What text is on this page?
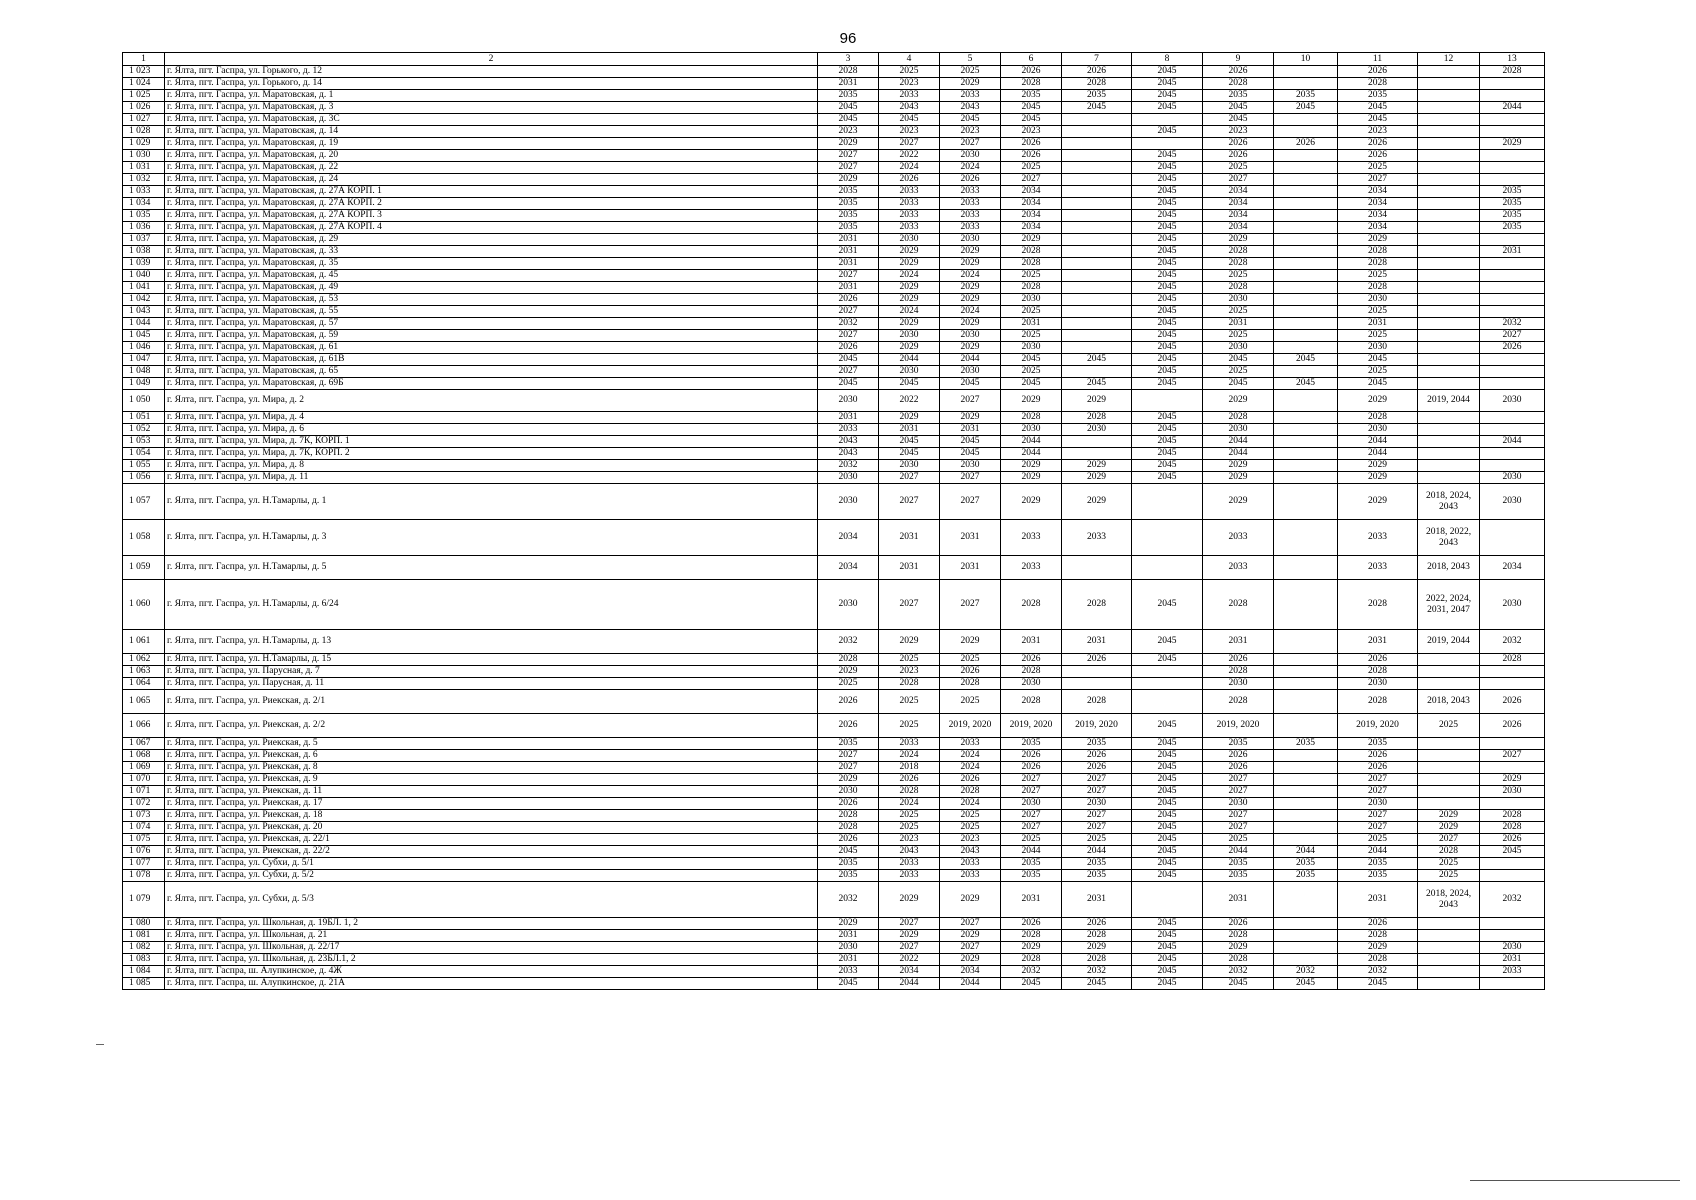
96
1	2	3	4	5	6	7	8	9	10	11	12	13
1 023	г. Ялта, пгт. Гаспра, ул. Горького, д. 12	2028	2025	2025	2026	2026	2045	2026		2026		2028
1 024	г. Ялта, пгт. Гаспра, ул. Горького, д. 14	2031	2023	2029	2028	2028	2045	2028		2028		
1 025	г. Ялта, пгт. Гаспра, ул. Маратовская, д. 1	2035	2033	2033	2035	2035	2045	2035	2035	2035		
1 026	г. Ялта, пгт. Гаспра, ул. Маратовская, д. 3	2045	2043	2043	2045	2045	2045	2045	2045	2045		2044
1 027	г. Ялта, пгт. Гаспра, ул. Маратовская, д. 3С	2045	2045	2045	2045			2045		2045		
1 028	г. Ялта, пгт. Гаспра, ул. Маратовская, д. 14	2023	2023	2023	2023		2045	2023		2023		
1 029	г. Ялта, пгт. Гаспра, ул. Маратовская, д. 19	2029	2027	2027	2026			2026	2026	2026		2029
1 030	г. Ялта, пгт. Гаспра, ул. Маратовская, д. 20	2027	2022	2030	2026		2045	2026		2026		
1 031	г. Ялта, пгт. Гаспра, ул. Маратовская, д. 22	2027	2024	2024	2025		2045	2025		2025		
1 032	г. Ялта, пгт. Гаспра, ул. Маратовская, д. 24	2029	2026	2026	2027		2045	2027		2027		
1 033	г. Ялта, пгт. Гаспра, ул. Маратовская, д. 27А КОРП. 1	2035	2033	2033	2034		2045	2034		2034		2035
1 034	г. Ялта, пгт. Гаспра, ул. Маратовская, д. 27А КОРП. 2	2035	2033	2033	2034		2045	2034		2034		2035
1 035	г. Ялта, пгт. Гаспра, ул. Маратовская, д. 27А КОРП. 3	2035	2033	2033	2034		2045	2034		2034		2035
1 036	г. Ялта, пгт. Гаспра, ул. Маратовская, д. 27А КОРП. 4	2035	2033	2033	2034		2045	2034		2034		2035
1 037	г. Ялта, пгт. Гаспра, ул. Маратовская, д. 29	2031	2030	2030	2029		2045	2029		2029		
1 038	г. Ялта, пгт. Гаспра, ул. Маратовская, д. 33	2031	2029	2029	2028		2045	2028		2028		2031
1 039	г. Ялта, пгт. Гаспра, ул. Маратовская, д. 35	2031	2029	2029	2028		2045	2028		2028		
1 040	г. Ялта, пгт. Гаспра, ул. Маратовская, д. 45	2027	2024	2024	2025		2045	2025		2025		
1 041	г. Ялта, пгт. Гаспра, ул. Маратовская, д. 49	2031	2029	2029	2028		2045	2028		2028		
1 042	г. Ялта, пгт. Гаспра, ул. Маратовская, д. 53	2026	2029	2029	2030		2045	2030		2030		
1 043	г. Ялта, пгт. Гаспра, ул. Маратовская, д. 55	2027	2024	2024	2025		2045	2025		2025		
1 044	г. Ялта, пгт. Гаспра, ул. Маратовская, д. 57	2032	2029	2029	2031		2045	2031		2031		2032
1 045	г. Ялта, пгт. Гаспра, ул. Маратовская, д. 59	2027	2030	2030	2025		2045	2025		2025		2027
1 046	г. Ялта, пгт. Гаспра, ул. Маратовская, д. 61	2026	2029	2029	2030		2045	2030		2030		2026
1 047	г. Ялта, пгт. Гаспра, ул. Маратовская, д. 61В	2045	2044	2044	2045	2045	2045	2045	2045	2045		
1 048	г. Ялта, пгт. Гаспра, ул. Маратовская, д. 65	2027	2030	2030	2025		2045	2025		2025		
1 049	г. Ялта, пгт. Гаспра, ул. Маратовская, д. 69Б	2045	2045	2045	2045	2045	2045	2045	2045	2045		
1 050	г. Ялта, пгт. Гаспра, ул. Мира, д. 2	2030	2022	2027	2029	2029		2029		2029	2019, 2044	2030
1 051	г. Ялта, пгт. Гаспра, ул. Мира, д. 4	2031	2029	2029	2028	2028	2045	2028		2028		
1 052	г. Ялта, пгт. Гаспра, ул. Мира, д. 6	2033	2031	2031	2030	2030	2045	2030		2030		
1 053	г. Ялта, пгт. Гаспра, ул. Мира, д. 7К, КОРП. 1	2043	2045	2045	2044		2045	2044		2044		2044
1 054	г. Ялта, пгт. Гаспра, ул. Мира, д. 7К, КОРП. 2	2043	2045	2045	2044		2045	2044		2044		
1 055	г. Ялта, пгт. Гаспра, ул. Мира, д. 8	2032	2030	2030	2029	2029	2045	2029		2029		
1 056	г. Ялта, пгт. Гаспра, ул. Мира, д. 11	2030	2027	2027	2029	2029	2045	2029		2029		2030
1 057	г. Ялта, пгт. Гаспра, ул. Н.Тамарлы, д. 1	2030	2027	2027	2029	2029		2029		2029	2018, 2024, 2043	2030
1 058	г. Ялта, пгт. Гаспра, ул. Н.Тамарлы, д. 3	2034	2031	2031	2033	2033		2033		2033	2018, 2022, 2043	
1 059	г. Ялта, пгт. Гаспра, ул. Н.Тамарлы, д. 5	2034	2031	2031	2033			2033		2033	2018, 2043	2034
1 060	г. Ялта, пгт. Гаспра, ул. Н.Тамарлы, д. 6/24	2030	2027	2027	2028	2028	2045	2028		2028	2022, 2024, 2031, 2047	2030
1 061	г. Ялта, пгт. Гаспра, ул. Н.Тамарлы, д. 13	2032	2029	2029	2031	2031	2045	2031		2031	2019, 2044	2032
1 062	г. Ялта, пгт. Гаспра, ул. Н.Тамарлы, д. 15	2028	2025	2025	2026	2026	2045	2026		2026		2028
1 063	г. Ялта, пгт. Гаспра, ул. Парусная, д. 7	2029	2023	2026	2028			2028		2028		
1 064	г. Ялта, пгт. Гаспра, ул. Парусная, д. 11	2025	2028	2028	2030			2030		2030		
1 065	г. Ялта, пгт. Гаспра, ул. Риекская, д. 2/1	2026	2025	2025	2028	2028		2028		2028	2018, 2043	2026
1 066	г. Ялта, пгт. Гаспра, ул. Риекская, д. 2/2	2026	2025	2019, 2020	2019, 2020	2019, 2020	2045	2019, 2020		2019, 2020	2025	2026
1 067	г. Ялта, пгт. Гаспра, ул. Риекская, д. 5	2035	2033	2033	2035	2035	2045	2035	2035	2035		
1 068	г. Ялта, пгт. Гаспра, ул. Риекская, д. 6	2027	2024	2024	2026	2026	2045	2026		2026		2027
1 069	г. Ялта, пгт. Гаспра, ул. Риекская, д. 8	2027	2018	2024	2026	2026	2045	2026		2026		
1 070	г. Ялта, пгт. Гаспра, ул. Риекская, д. 9	2029	2026	2026	2027	2027	2045	2027		2027		2029
1 071	г. Ялта, пгт. Гаспра, ул. Риекская, д. 11	2030	2028	2028	2027	2027	2045	2027		2027		2030
1 072	г. Ялта, пгт. Гаспра, ул. Риекская, д. 17	2026	2024	2024	2030	2030	2045	2030		2030		
1 073	г. Ялта, пгт. Гаспра, ул. Риекская, д. 18	2028	2025	2025	2027	2027	2045	2027		2027	2029	2028
1 074	г. Ялта, пгт. Гаспра, ул. Риекская, д. 20	2028	2025	2025	2027	2027	2045	2027		2027	2029	2028
1 075	г. Ялта, пгт. Гаспра, ул. Риекская, д. 22/1	2026	2023	2023	2025	2025	2045	2025		2025	2027	2026
1 076	г. Ялта, пгт. Гаспра, ул. Риекская, д. 22/2	2045	2043	2043	2044	2044	2045	2044	2044	2044	2028	2045
1 077	г. Ялта, пгт. Гаспра, ул. Субхи, д. 5/1	2035	2033	2033	2035	2035	2045	2035	2035	2035	2025	
1 078	г. Ялта, пгт. Гаспра, ул. Субхи, д. 5/2	2035	2033	2033	2035	2035	2045	2035	2035	2035	2025	
1 079	г. Ялта, пгт. Гаспра, ул. Субхи, д. 5/3	2032	2029	2029	2031	2031		2031		2031	2018, 2024, 2043	2032
1 080	г. Ялта, пгт. Гаспра, ул. Школьная, д. 19БЛ. 1, 2	2029	2027	2027	2026	2026	2045	2026		2026		
1 081	г. Ялта, пгт. Гаспра, ул. Школьная, д. 21	2031	2029	2029	2028	2028	2045	2028		2028		
1 082	г. Ялта, пгт. Гаспра, ул. Школьная, д. 22/17	2030	2027	2027	2029	2029	2045	2029		2029		2030
1 083	г. Ялта, пгт. Гаспра, ул. Школьная, д. 23БЛ.1, 2	2031	2022	2029	2028	2028	2045	2028		2028		2031
1 084	г. Ялта, пгт. Гаспра, ш. Алупкинское, д. 4Ж	2033	2034	2034	2032	2032	2045	2032	2032	2032		2033
1 085	г. Ялта, пгт. Гаспра, ш. Алупкинское, д. 21А	2045	2044	2044	2045	2045	2045	2045	2045	2045		
